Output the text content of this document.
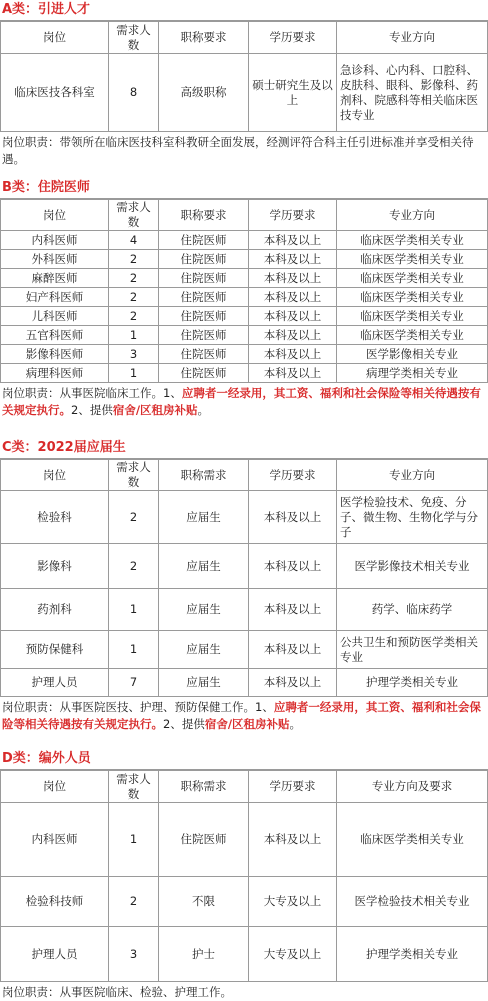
A类：引进人才
岗位	需求人数	职称要求	学历要求	专业方向
临床医技各科室	8	高级职称	硕士研究生及以上	急诊科、心内科、口腔科、皮肤科、眼科、影像科、药剂科、院感科等相关临床医技专业
岗位职责：带领所在临床医技科室科教研全面发展，经测评符合科主任引进标准并享受相关待遇。
B类：住院医师
岗位	需求人数	职称要求	学历要求	专业方向
内科医师	4	住院医师	本科及以上	临床医学类相关专业
外科医师	2	住院医师	本科及以上	临床医学类相关专业
麻醉医师	2	住院医师	本科及以上	临床医学类相关专业
妇产科医师	2	住院医师	本科及以上	临床医学类相关专业
儿科医师	2	住院医师	本科及以上	临床医学类相关专业
五官科医师	1	住院医师	本科及以上	临床医学类相关专业
影像科医师	3	住院医师	本科及以上	医学影像相关专业
病理科医师	1	住院医师	本科及以上	病理学类相关专业
岗位职责：从事医院临床工作。1、应聘者一经录用，其工资、福利和社会保险等相关待遇按有关规定执行。2、提供宿舍/区租房补贴。
C类：2022届应届生
岗位	需求人数	职称需求	学历要求	专业方向
检验科	2	应届生	本科及以上	医学检验技术、免疫、分子、微生物、生物化学与分子
影像科	2	应届生	本科及以上	医学影像技术相关专业
药剂科	1	应届生	本科及以上	药学、临床药学
预防保健科	1	应届生	本科及以上	公共卫生和预防医学类相关专业
护理人员	7	应届生	本科及以上	护理学类相关专业
岗位职责：从事医院医技、护理、预防保健工作。1、应聘者一经录用，其工资、福利和社会保险等相关待遇按有关规定执行。2、提供宿舍/区租房补贴。
D类：编外人员
岗位	需求人数	职称需求	学历要求	专业方向及要求
内科医师	1	住院医师	本科及以上	临床医学类相关专业
检验科技师	2	不限	大专及以上	医学检验技术相关专业
护理人员	3	护士	大专及以上	护理学类相关专业
岗位职责：从事医院临床、检验、护理工作。
